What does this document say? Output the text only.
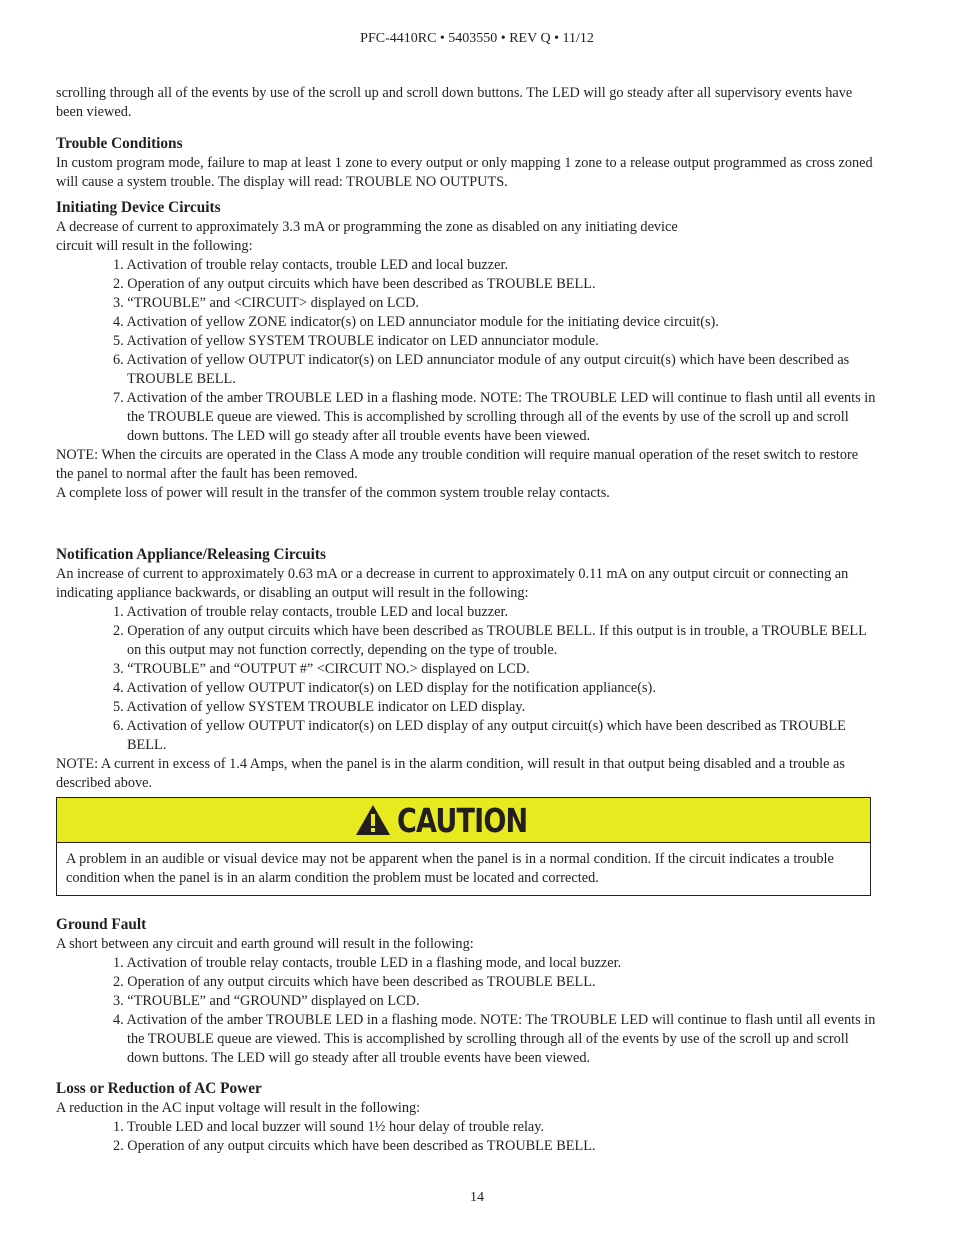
PFC-4410RC • 5403550 • REV Q • 11/12

scrolling through all of the events by use of the scroll up and scroll down buttons. The LED will go steady after all supervisory events have been viewed.

Trouble Conditions

In custom program mode, failure to map at least 1 zone to every output or only mapping 1 zone to a release output programmed as cross zoned will cause a system trouble. The display will read: TROUBLE NO OUTPUTS.

Initiating Device Circuits

A decrease of current to approximately 3.3 mA or programming the zone as disabled on any initiating device

circuit will result in the following:

1. Activation of trouble relay contacts, trouble LED and local buzzer.
2. Operation of any output circuits which have been described as TROUBLE BELL.
3. “TROUBLE” and <CIRCUIT> displayed on LCD.
4. Activation of yellow ZONE indicator(s) on LED annunciator module for the initiating device circuit(s).
5. Activation of yellow SYSTEM TROUBLE indicator on LED annunciator module.
6. Activation of yellow OUTPUT indicator(s) on LED annunciator module of any output circuit(s) which have been described as TROUBLE BELL.
7. Activation of the amber TROUBLE LED in a flashing mode. NOTE: The TROUBLE LED will continue to flash until all events in the TROUBLE queue are viewed. This is accomplished by scrolling through all of the events by use of the scroll up and scroll down buttons. The LED will go steady after all trouble events have been viewed.

NOTE: When the circuits are operated in the Class A mode any trouble condition will require manual operation of the reset switch to restore the panel to normal after the fault has been removed.

A complete loss of power will result in the transfer of the common system trouble relay contacts.

Notification Appliance/Releasing Circuits

An increase of current to approximately 0.63 mA or a decrease in current to approximately 0.11 mA on any output circuit or connecting an indicating appliance backwards, or disabling an output will result in the following:

1. Activation of trouble relay contacts, trouble LED and local buzzer.
2. Operation of any output circuits which have been described as TROUBLE BELL. If this output is in trouble, a TROUBLE BELL on this output may not function correctly, depending on the type of trouble.
3. “TROUBLE” and “OUTPUT #” <CIRCUIT NO.> displayed on LCD.
4. Activation of yellow OUTPUT indicator(s) on LED display for the notification appliance(s).
5. Activation of yellow SYSTEM TROUBLE indicator on LED display.
6. Activation of yellow OUTPUT indicator(s) on LED display of any output circuit(s) which have been described as TROUBLE BELL.

NOTE: A current in excess of 1.4 Amps, when the panel is in the alarm condition, will result in that output being disabled and a trouble as described above.

CAUTION
A problem in an audible or visual device may not be apparent when the panel is in a normal condition. If the circuit indicates a trouble condition when the panel is in an alarm condition the problem must be located and corrected.
Ground Fault

A short between any circuit and earth ground will result in the following:

1. Activation of trouble relay contacts, trouble LED in a flashing mode, and local buzzer.
2. Operation of any output circuits which have been described as TROUBLE BELL.
3. “TROUBLE” and “GROUND” displayed on LCD.
4. Activation of the amber TROUBLE LED in a flashing mode. NOTE: The TROUBLE LED will continue to flash until all events in the TROUBLE queue are viewed. This is accomplished by scrolling through all of the events by use of the scroll up and scroll down buttons. The LED will go steady after all trouble events have been viewed.
Loss or Reduction of AC Power

A reduction in the AC input voltage will result in the following:

1. Trouble LED and local buzzer will sound 1½ hour delay of trouble relay.
2. Operation of any output circuits which have been described as TROUBLE BELL.
14
